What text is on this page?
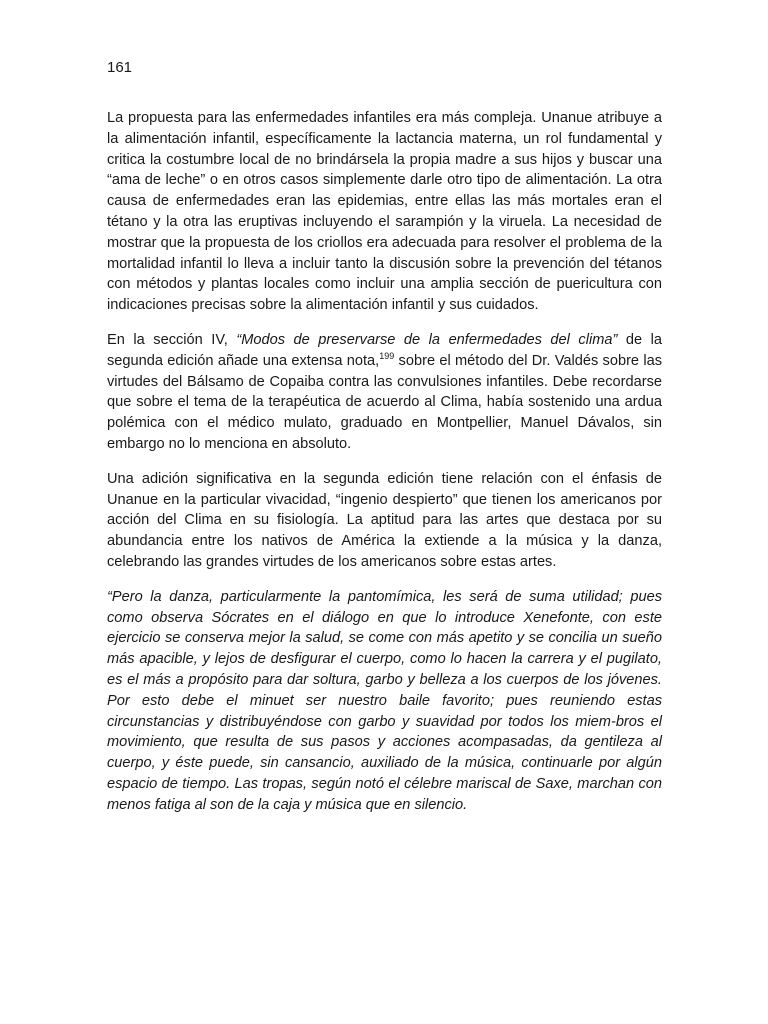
161

La propuesta para las enfermedades infantiles era más compleja. Unanue atribuye a la alimentación infantil, específicamente la lactancia materna, un rol fundamental y critica la costumbre local de no brindársela la propia madre a sus hijos y buscar una “ama de leche” o en otros casos simplemente darle otro tipo de alimentación. La otra causa de enfermedades eran las epidemias, entre ellas las más mortales eran el tétano y la otra las eruptivas incluyendo el sarampión y la viruela. La necesidad de mostrar que la propuesta de los criollos era adecuada para resolver el problema de la mortalidad infantil lo lleva a incluir tanto la discusión sobre la prevención del tétanos con métodos y plantas locales como incluir una amplia sección de puericultura con indicaciones precisas sobre la alimentación infantil y sus cuidados.

En la sección IV, “Modos de preservarse de la enfermedades del clima” de la segunda edición añade una extensa nota,$^{199}$ sobre el método del Dr. Valdés sobre las virtudes del Bálsamo de Copaiba contra las convulsiones infantiles. Debe recordarse que sobre el tema de la terapéutica de acuerdo al Clima, había sostenido una ardua polémica con el médico mulato, graduado en Montpellier, Manuel Dávalos, sin embargo no lo menciona en absoluto.

Una adición significativa en la segunda edición tiene relación con el énfasis de Unanue en la particular vivacidad, “ingenio despierto” que tienen los americanos por acción del Clima en su fisiología. La aptitud para las artes que destaca por su abundancia entre los nativos de América la extiende a la música y la danza, celebrando las grandes virtudes de los americanos sobre estas artes.

“Pero la danza, particularmente la pantomímica, les será de suma utilidad; pues como observa Sócrates en el diálogo en que lo introduce Xenefonte, con este ejercicio se conserva mejor la salud, se come con más apetito y se concilia un sueño más apacible, y lejos de desfigurar el cuerpo, como lo hacen la carrera y el pugilato, es el más a propósito para dar soltura, garbo y belleza a los cuerpos de los jóvenes. Por esto debe el minuet ser nuestro baile favorito; pues reuniendo estas circunstancias y distribuyéndose con garbo y suavidad por todos los miem-bros el movimiento, que resulta de sus pasos y acciones acompasadas, da gentileza al cuerpo, y éste puede, sin cansancio, auxiliado de la música, continuarle por algún espacio de tiempo. Las tropas, según notó el célebre mariscal de Saxe, marchan con menos fatiga al son de la caja y música que en silencio.
